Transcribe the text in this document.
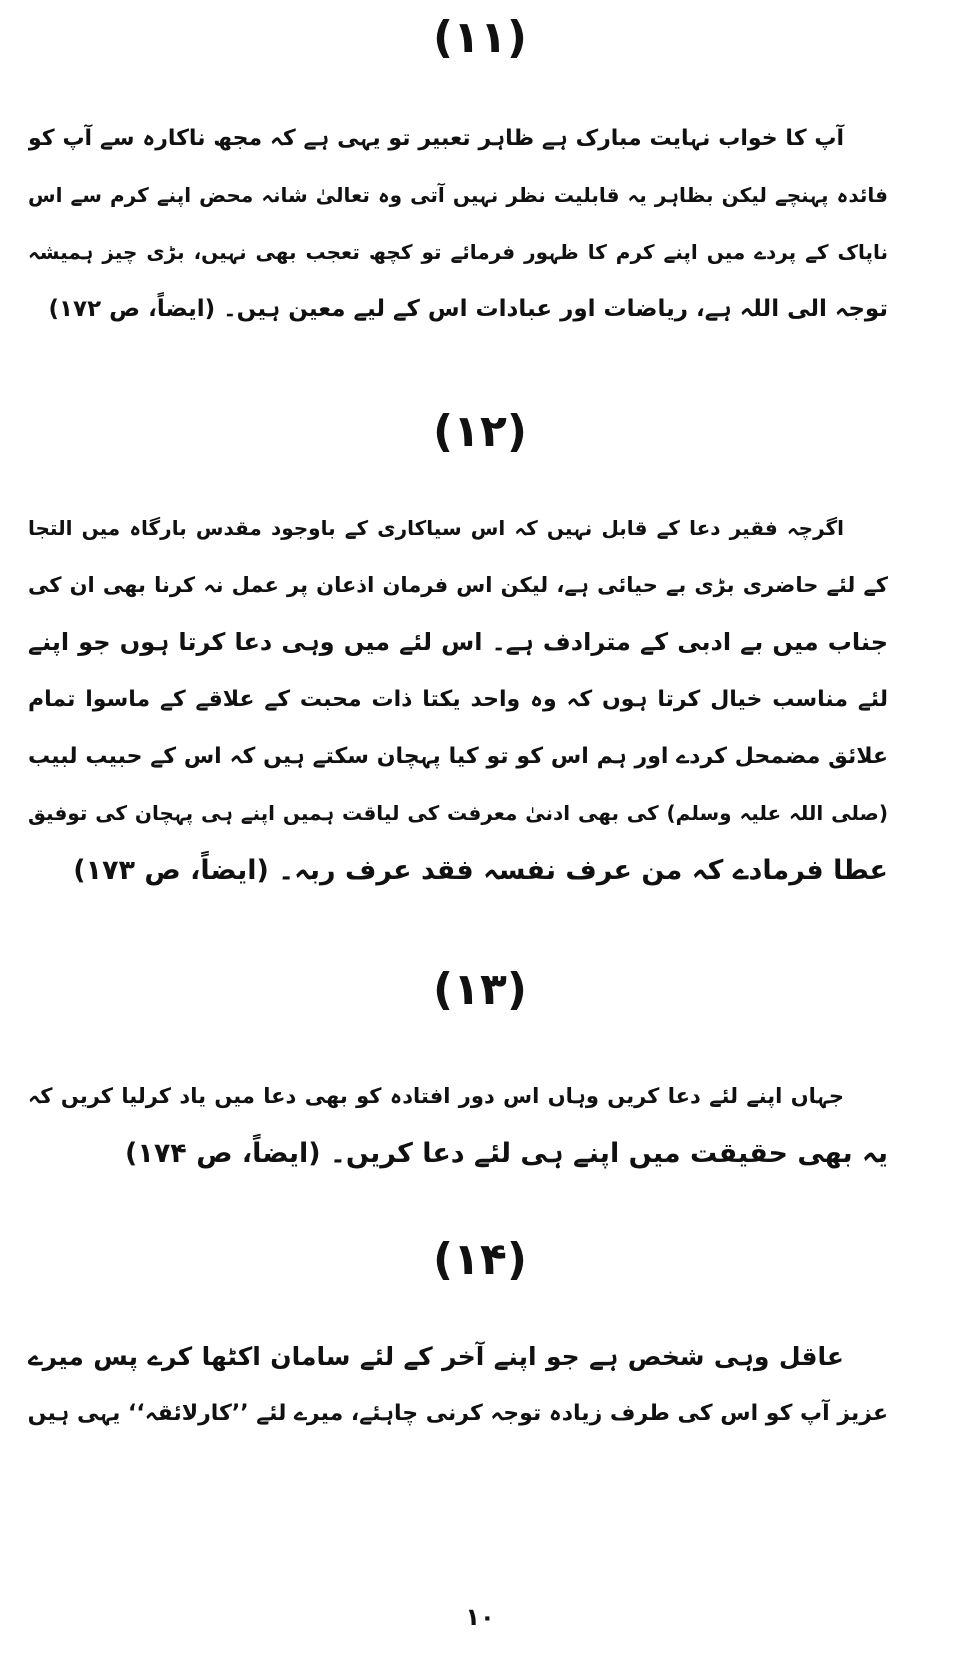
(۱۱)
آپ کا خواب نہایت مبارک ہے ظاہر تعبیر تو یہی ہے کہ مجھ ناکارہ سے آپ کو
فائدہ پہنچے لیکن بظاہر یہ قابلیت نظر نہیں آتی وہ تعالیٰ شانہ محض اپنے کرم سے اس
ناپاک کے پردے میں اپنے کرم کا ظہور فرمائے تو کچھ تعجب بھی نہیں، بڑی چیز ہمیشہ
توجہ الی اللہ ہے، ریاضات اور عبادات اس کے لیے معین ہیں۔ (ایضاً، ص ۱۷۲)
(۱۲)
اگرچہ فقیر دعا کے قابل نہیں کہ اس سیاکاری کے باوجود مقدس بارگاہ میں التجا
کے لئے حاضری بڑی بے حیائی ہے، لیکن اس فرمان اذعان پر عمل نہ کرنا بھی ان کی
جناب میں بے ادبی کے مترادف ہے۔ اس لئے میں وہی دعا کرتا ہوں جو اپنے
لئے مناسب خیال کرتا ہوں کہ وہ واحد یکتا ذات محبت کے علاقے کے ماسوا تمام
علائق مضمحل کردے اور ہم اس کو تو کیا پہچان سکتے ہیں کہ اس کے حبیب لبیب
(صلی اللہ علیہ وسلم) کی بھی ادنیٰ معرفت کی لیاقت ہمیں اپنے ہی پہچان کی توفیق
عطا فرمادے کہ من عرف نفسہ فقد عرف ربہ۔ (ایضاً، ص ۱۷۳)
(۱۳)
جہاں اپنے لئے دعا کریں وہاں اس دور افتادہ کو بھی دعا میں یاد کرلیا کریں کہ
یہ بھی حقیقت میں اپنے ہی لئے دعا کریں۔ (ایضاً، ص ۱۷۴)
(۱۴)
عاقل وہی شخص ہے جو اپنے آخر کے لئے سامان اکٹھا کرے پس میرے
عزیز آپ کو اس کی طرف زیادہ توجہ کرنی چاہئے، میرے لئے ’’کارلائقہ‘‘ یہی ہیں
۱۰
